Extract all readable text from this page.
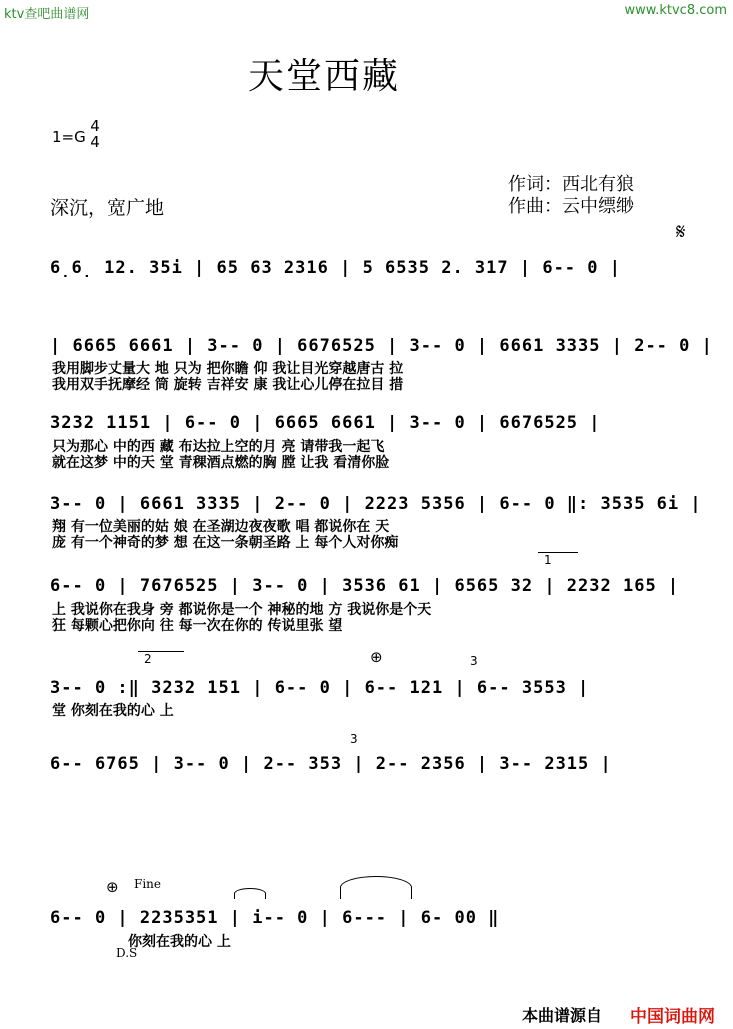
ktv查吧曲谱网	www.ktvc8.com
天堂西藏
1=G
4
4
作词：西北有狼
作曲：云中缥缈
深沉，宽广地
𝄋
6̣6̣ 12. 35i | 65 63 2316 | 5 6535 2. 317 | 6-- 0 |
| 6665 6661 | 3-- 0 | 6676525 | 3-- 0 | 6661 3335 | 2-- 0 |
我用脚步丈量大 地 只为 把你瞻 仰 我让目光穿越唐古 拉
我用双手抚摩经 筒 旋转 吉祥安 康 我让心儿停在拉目 措
3232 1151 | 6-- 0 | 6665 6661 | 3-- 0 | 6676525 |
只为那心 中的西 藏 布达拉上空的月 亮 请带我一起飞
就在这梦 中的天 堂 青稞酒点燃的胸 膛 让我 看清你脸
3-- 0 | 6661 3335 | 2-- 0 | 2223 5356 | 6-- 0 ‖: 3535 6i |
翔 有一位美丽的姑 娘 在圣湖边夜夜歌 唱 都说你在 天
庞 有一个神奇的梦 想 在这一条朝圣路 上 每个人对你痴
1
6-- 0 | 7676525 | 3-- 0 | 3536 61 | 6565 32 | 2232 165 |
上 我说你在我身 旁 都说你是一个 神秘的地 方 我说你是个天
狂 每颗心把你向 往 每一次在你的 传说里张 望
2	⊕	3
3-- 0 :‖ 3232 151 | 6-- 0 | 6-- 121 | 6-- 3553 |
堂 你刻在我的心 上
3
6-- 6765 | 3-- 0 | 2-- 353 | 2-- 2356 | 3-- 2315 |
⊕ Fine
6-- 0 | 2235351 | i-- 0 | 6--- | 6- 00 ‖
你刻在我的心 上
D.S
本曲谱源自 中国词曲网
